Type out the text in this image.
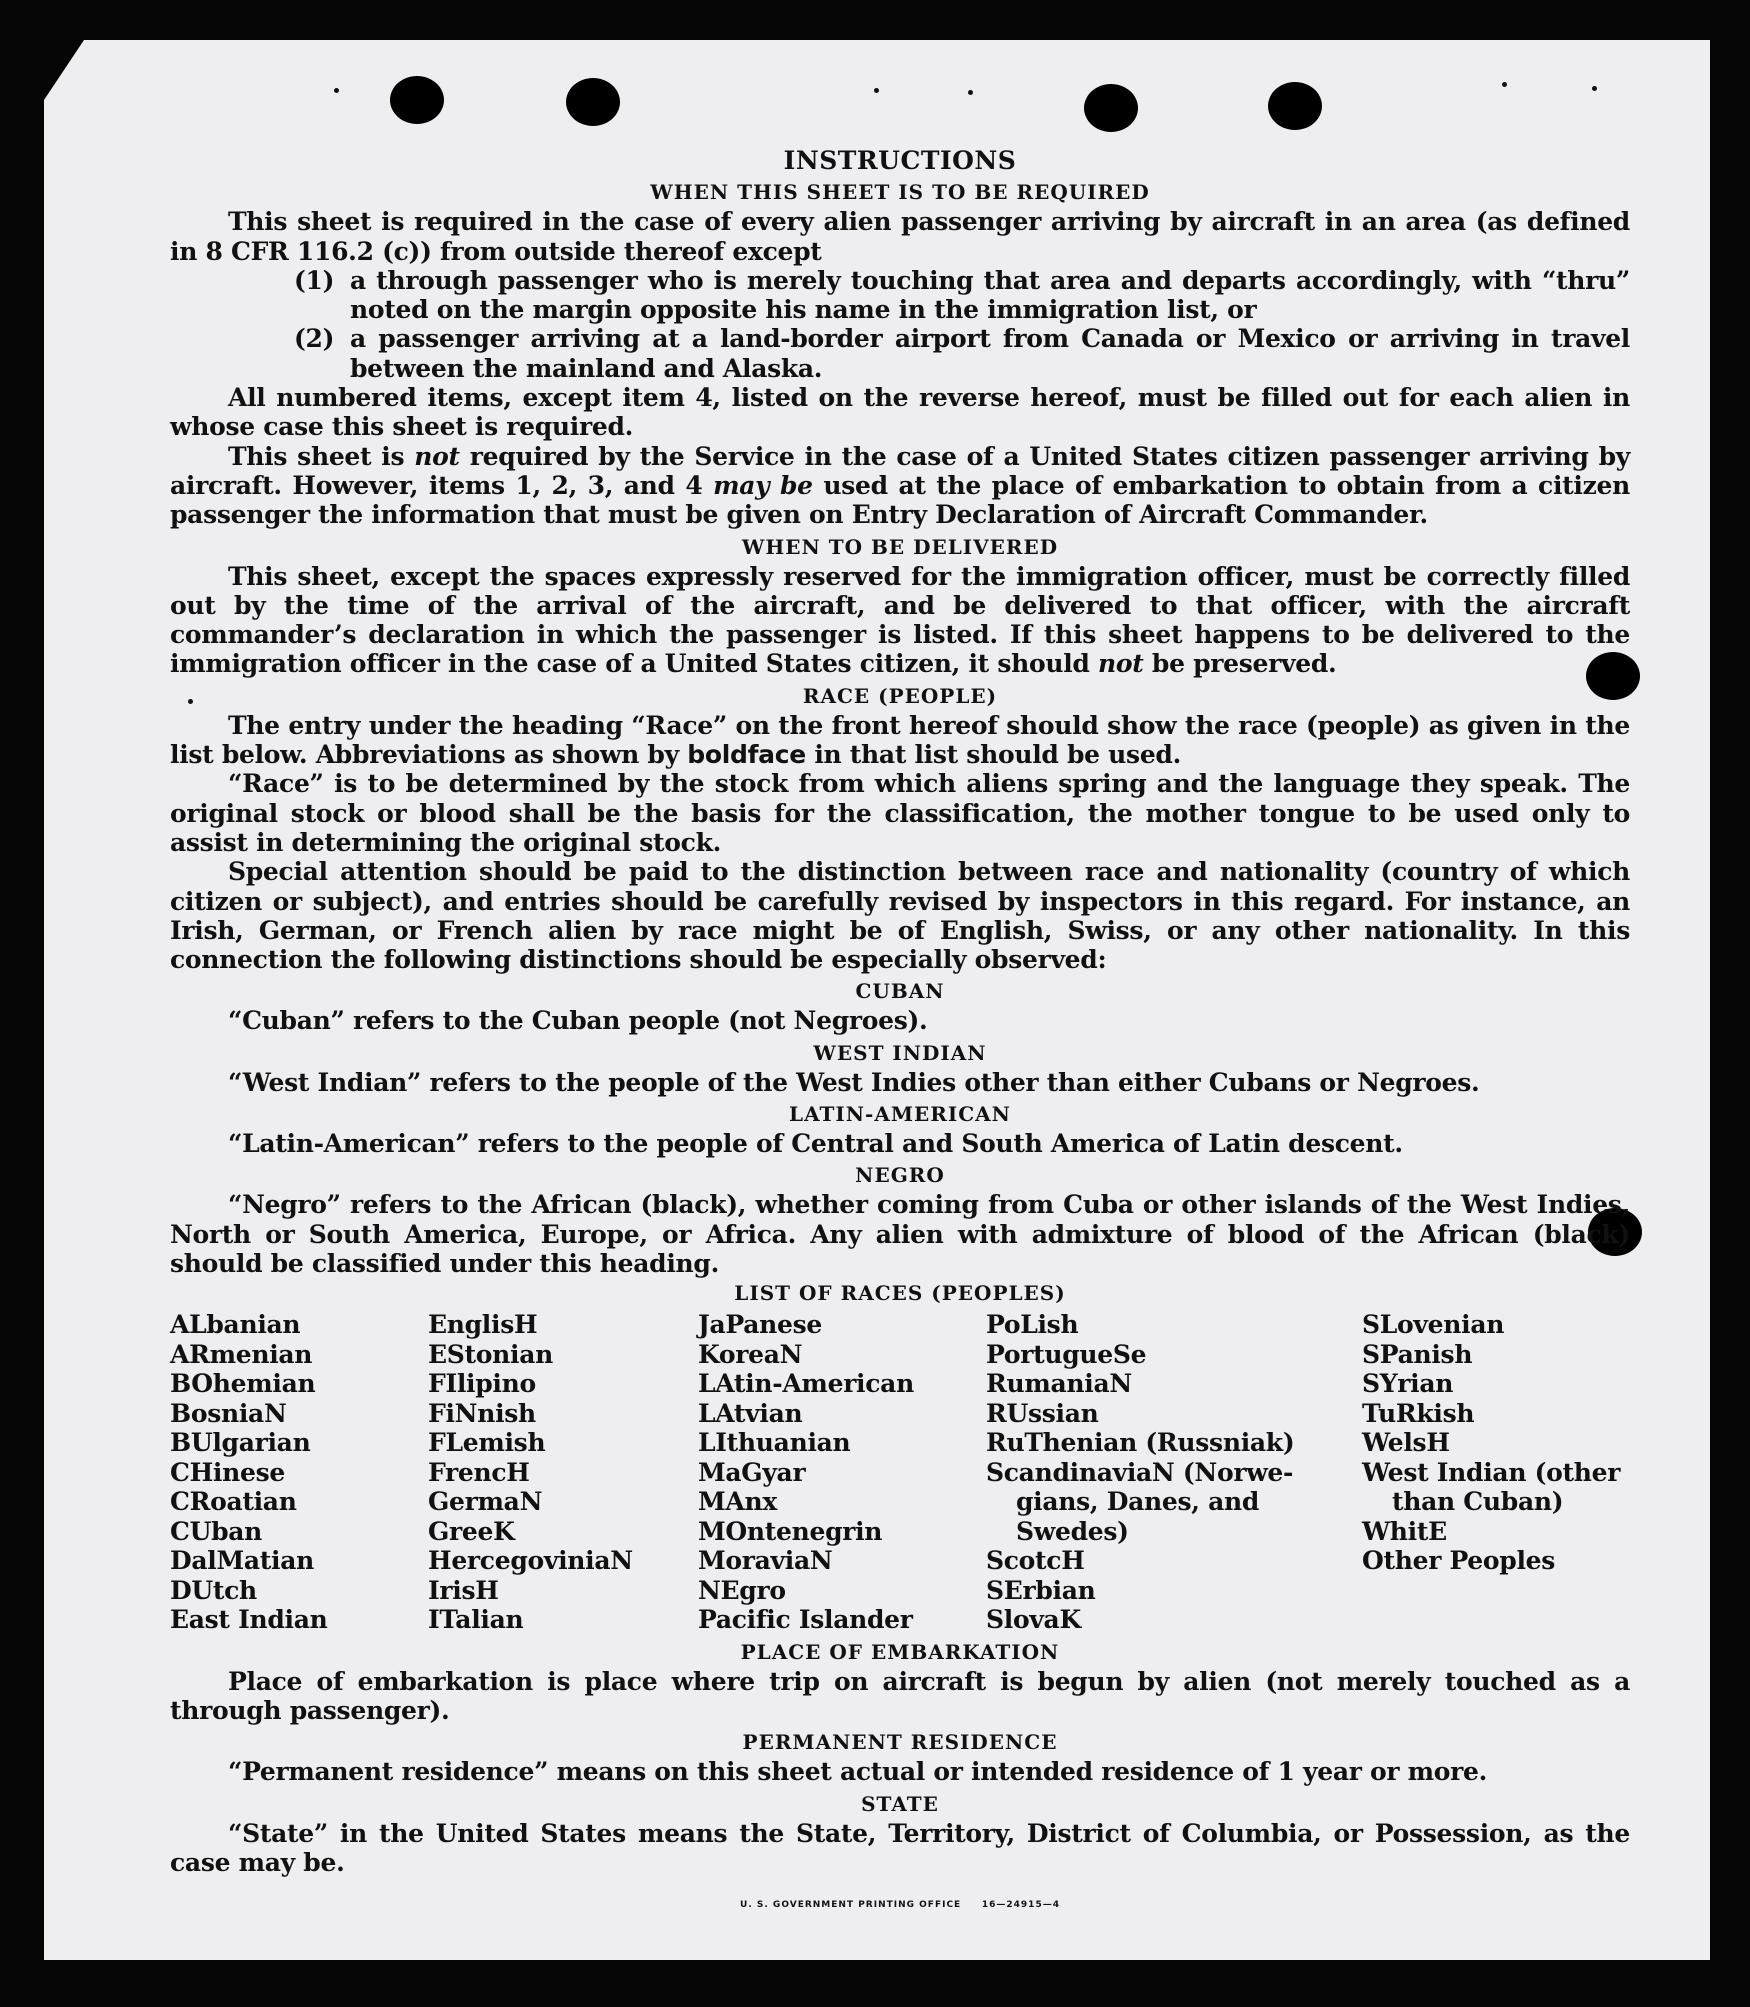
INSTRUCTIONS
WHEN THIS SHEET IS TO BE REQUIRED

This sheet is required in the case of every alien passenger arriving by aircraft in an area (as defined in 8 CFR 116.2 (c)) from outside thereof except

(1) a through passenger who is merely touching that area and departs accordingly, with “thru” noted on the margin opposite his name in the immigration list, or
(2) a passenger arriving at a land-border airport from Canada or Mexico or arriving in travel between the mainland and Alaska.

All numbered items, except item 4, listed on the reverse hereof, must be filled out for each alien in whose case this sheet is required.

This sheet is not required by the Service in the case of a United States citizen passenger arriving by aircraft. However, items 1, 2, 3, and 4 may be used at the place of embarkation to obtain from a citizen passenger the information that must be given on Entry Declaration of Aircraft Commander.

WHEN TO BE DELIVERED

This sheet, except the spaces expressly reserved for the immigration officer, must be correctly filled out by the time of the arrival of the aircraft, and be delivered to that officer, with the aircraft commander’s declaration in which the passenger is listed. If this sheet happens to be delivered to the immigration officer in the case of a United States citizen, it should not be preserved.

RACE (PEOPLE)

The entry under the heading “Race” on the front hereof should show the race (people) as given in the list below. Abbreviations as shown by boldface in that list should be used.

“Race” is to be determined by the stock from which aliens spring and the language they speak. The original stock or blood shall be the basis for the classification, the mother tongue to be used only to assist in determining the original stock.

Special attention should be paid to the distinction between race and nationality (country of which citizen or subject), and entries should be carefully revised by inspectors in this regard. For instance, an Irish, German, or French alien by race might be of English, Swiss, or any other nationality. In this connection the following distinctions should be especially observed:

CUBAN

“Cuban” refers to the Cuban people (not Negroes).

WEST INDIAN

“West Indian” refers to the people of the West Indies other than either Cubans or Negroes.

LATIN-AMERICAN

“Latin-American” refers to the people of Central and South America of Latin descent.

NEGRO

“Negro” refers to the African (black), whether coming from Cuba or other islands of the West Indies, North or South America, Europe, or Africa. Any alien with admixture of blood of the African (black) should be classified under this heading.

LIST OF RACES (PEOPLES)
ALbanian
ARmenian
BOhemian
BosniaN
BUlgarian
CHinese
CRoatian
CUban
DalMatian
DUtch
East Indian
EnglisH
EStonian
FIlipino
FiNnish
FLemish
FrencH
GermaN
GreeK
HercegoviniaN
IrisH
ITalian
JaPanese
KoreaN
LAtin-American
LAtvian
LIthuanian
MaGyar
MAnx
MOntenegrin
MoraviaN
NEgro
Pacific Islander
PoLish
PortugueSe
RumaniaN
RUssian
RuThenian (Russniak)
ScandinaviaN (Norwe-
gians, Danes, and
Swedes)
ScotcH
SErbian
SlovaK
SLovenian
SPanish
SYrian
TuRkish
WelsH
West Indian (other
than Cuban)
WhitE
Other Peoples
PLACE OF EMBARKATION

Place of embarkation is place where trip on aircraft is begun by alien (not merely touched as a through passenger).

PERMANENT RESIDENCE

“Permanent residence” means on this sheet actual or intended residence of 1 year or more.

STATE

“State” in the United States means the State, Territory, District of Columbia, or Possession, as the case may be.

U. S. GOVERNMENT PRINTING OFFICE     16—24915—4
